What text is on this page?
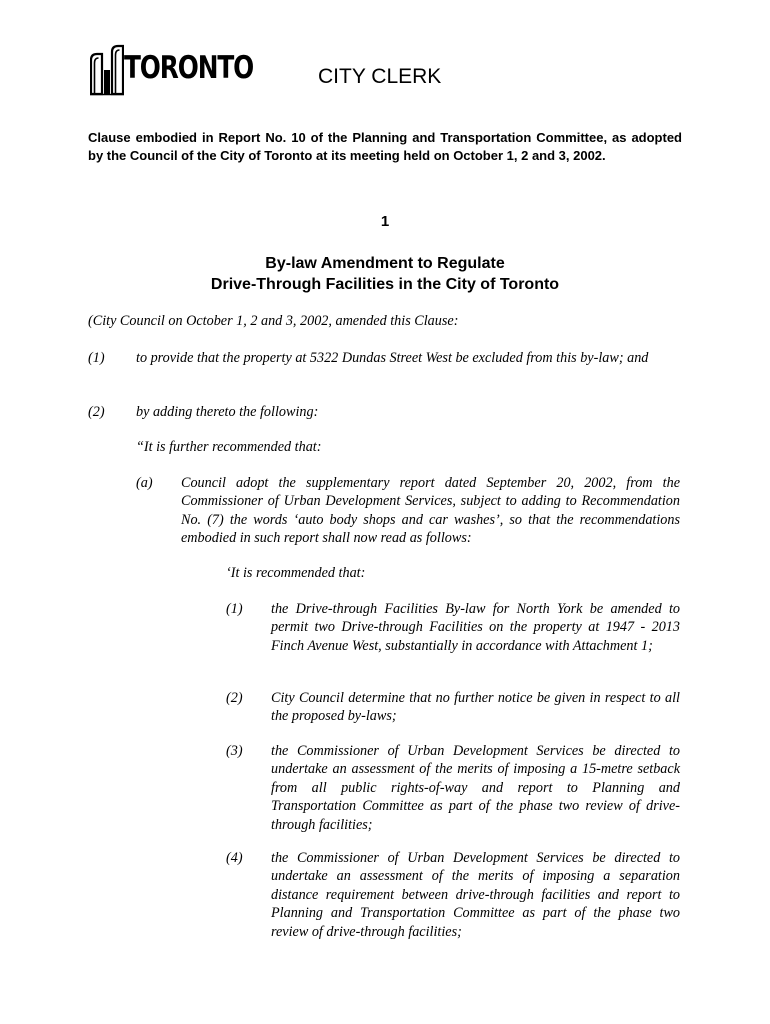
TORONTO	CITY CLERK
Clause embodied in Report No. 10 of the Planning and Transportation Committee, as adopted by the Council of the City of Toronto at its meeting held on October 1, 2 and 3, 2002.
1
By-law Amendment to Regulate
Drive-Through Facilities in the City of Toronto
(City Council on October 1, 2 and 3, 2002, amended this Clause:
(1) to provide that the property at 5322 Dundas Street West be excluded from this by-law; and
(2) by adding thereto the following:
“It is further recommended that:
(a) Council adopt the supplementary report dated September 20, 2002, from the Commissioner of Urban Development Services, subject to adding to Recommendation No. (7) the words ‘auto body shops and car washes’, so that the recommendations embodied in such report shall now read as follows:
‘It is recommended that:
(1) the Drive-through Facilities By-law for North York be amended to permit two Drive-through Facilities on the property at 1947 - 2013 Finch Avenue West, substantially in accordance with Attachment 1;
(2) City Council determine that no further notice be given in respect to all the proposed by-laws;
(3) the Commissioner of Urban Development Services be directed to undertake an assessment of the merits of imposing a 15-metre setback from all public rights-of-way and report to Planning and Transportation Committee as part of the phase two review of drive-through facilities;
(4) the Commissioner of Urban Development Services be directed to undertake an assessment of the merits of imposing a separation distance requirement between drive-through facilities and report to Planning and Transportation Committee as part of the phase two review of drive-through facilities;
